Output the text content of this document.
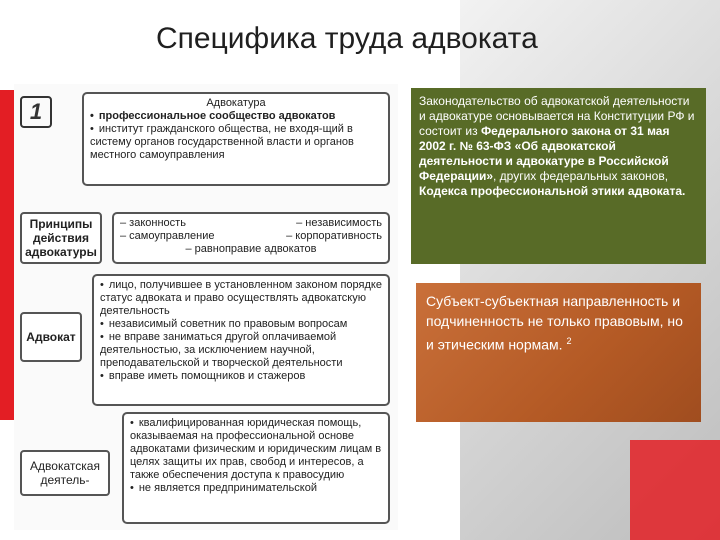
Специфика труда адвоката
1	Адвокатура
• профессиональное сообщество адвокатов
• институт гражданского общества, не входя-щий в систему органов государственной власти и органов местного самоуправления
Принципы действия адвокатуры
– законность	– независимость
– самоуправление	– корпоративность
– равноправие адвокатов
Адвокат
• лицо, получившее в установленном законом порядке статус адвоката и право осуществлять адвокатскую деятельность
• независимый советник по правовым вопросам
• не вправе заниматься другой оплачиваемой деятельностью, за исключением научной, преподавательской и творческой деятельности
• вправе иметь помощников и стажеров
Адвокатская деятель-
• квалифицированная юридическая помощь, оказываемая на профессиональной основе адвокатами физическим и юридическим лицам в целях защиты их прав, свобод и интересов, а также обеспечения доступа к правосудию
• не является предпринимательской
Законодательство об адвокатской деятельности и адвокатуре основывается на Конституции РФ и состоит из Федерального закона от 31 мая 2002 г. № 63-ФЗ «Об адвокатской деятельности и адвокатуре в Российской Федерации», других федеральных законов, Кодекса профессиональной этики адвоката.
Субъект-субъектная направленность и подчиненность не только правовым, но и этическим нормам. $^2$
